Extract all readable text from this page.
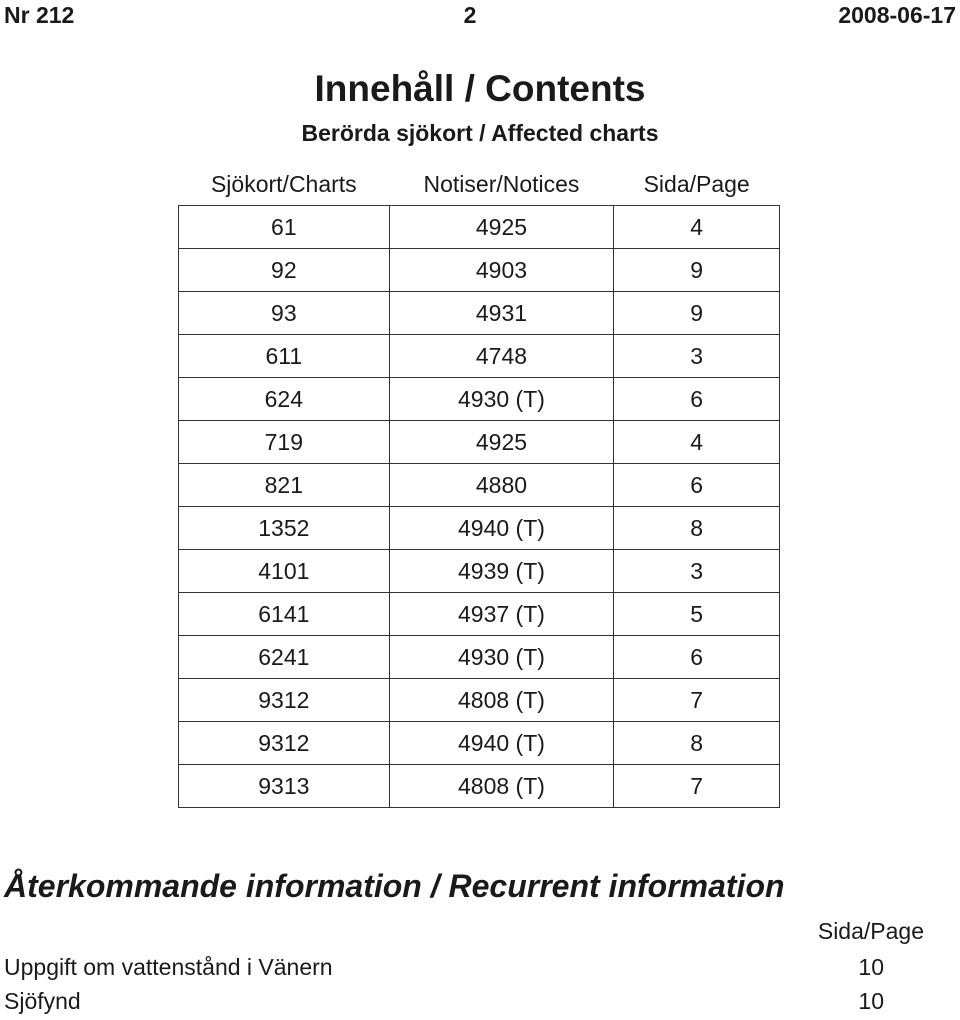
Nr 212	2	2008-06-17
Innehåll / Contents
Berörda sjökort / Affected charts
Sjökort/Charts	Notiser/Notices	Sida/Page
61	4925	4
92	4903	9
93	4931	9
611	4748	3
624	4930 (T)	6
719	4925	4
821	4880	6
1352	4940 (T)	8
4101	4939 (T)	3
6141	4937 (T)	5
6241	4930 (T)	6
9312	4808 (T)	7
9312	4940 (T)	8
9313	4808 (T)	7
Återkommande information / Recurrent information
Sida/Page
Uppgift om vattenstånd i Vänern	10
Sjöfynd	10
